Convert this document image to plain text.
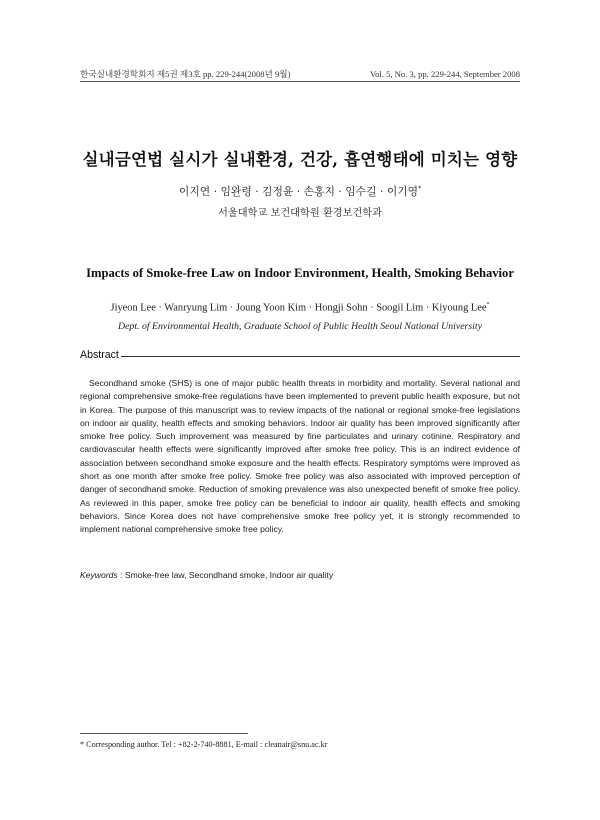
한국실내환경학회지 제5권 제3호 pp. 229-244(2008년 9월)	Vol. 5, No. 3, pp. 229-244, September 2008
실내금연법 실시가 실내환경, 건강, 흡연행태에 미치는 영향
이지연 · 임완령 · 김정윤 · 손홍지 · 임수길 · 이기영*
서울대학교 보건대학원 환경보건학과
Impacts of Smoke-free Law on Indoor Environment, Health, Smoking Behavior
Jiyeon Lee · Wanryung Lim · Joung Yoon Kim · Hongji Sohn · Soogil Lim · Kiyoung Lee*
Dept. of Environmental Health, Graduate School of Public Health Seoul National University
Abstract

Secondhand smoke (SHS) is one of major public health threats in morbidity and mortality. Several national and regional comprehensive smoke-free regulations have been implemented to prevent public health exposure, but not in Korea. The purpose of this manuscript was to review impacts of the national or regional smoke-free legislations on indoor air quality, health effects and smoking behaviors. Indoor air quality has been improved significantly after smoke free policy. Such improvement was measured by fine particulates and urinary cotinine. Respiratory and cardiovascular health effects were significantly improved after smoke free policy. This is an indirect evidence of association between secondhand smoke exposure and the health effects. Respiratory symptoms were improved as short as one month after smoke free policy. Smoke free policy was also associated with improved perception of danger of secondhand smoke. Reduction of smoking prevalence was also unexpected benefit of smoke free policy. As reviewed in this paper, smoke free policy can be beneficial to indoor air quality, health effects and smoking behaviors. Since Korea does not have comprehensive smoke free policy yet, it is strongly recommended to implement national comprehensive smoke free policy.

Keywords : Smoke-free law, Secondhand smoke, Indoor air quality
* Corresponding author. Tel : +82-2-740-8881, E-mail : cleanair@snu.ac.kr
